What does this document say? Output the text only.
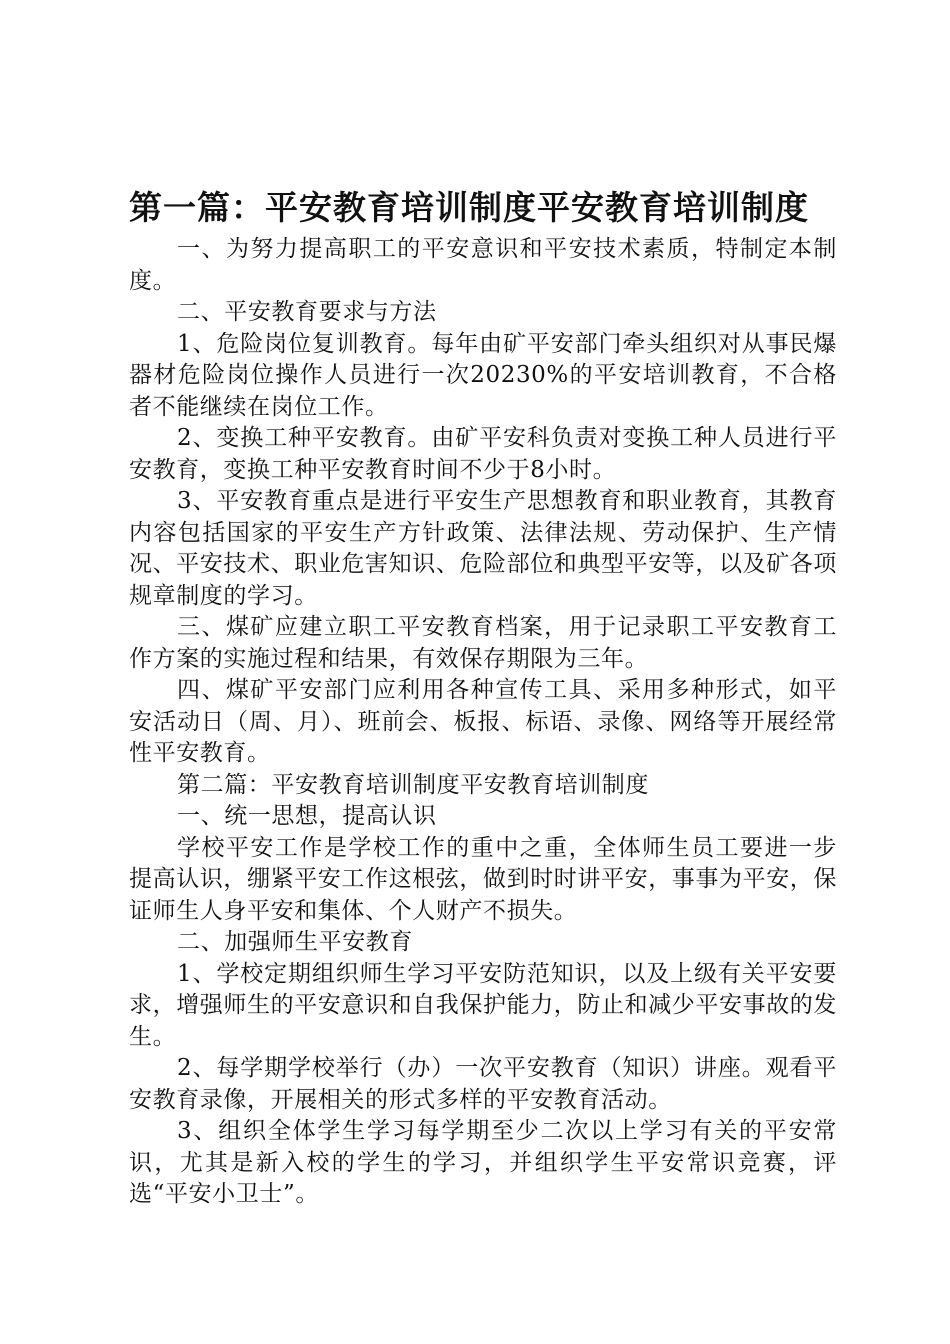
第一篇：平安教育培训制度平安教育培训制度

一、为努力提高职工的平安意识和平安技术素质，特制定本制度。

二、平安教育要求与方法

1、危险岗位复训教育。每年由矿平安部门牵头组织对从事民爆器材危险岗位操作人员进行一次20230%的平安培训教育，不合格者不能继续在岗位工作。

2、变换工种平安教育。由矿平安科负责对变换工种人员进行平安教育，变换工种平安教育时间不少于8小时。

3、平安教育重点是进行平安生产思想教育和职业教育，其教育内容包括国家的平安生产方针政策、法律法规、劳动保护、生产情况、平安技术、职业危害知识、危险部位和典型平安等，以及矿各项规章制度的学习。

三、煤矿应建立职工平安教育档案，用于记录职工平安教育工作方案的实施过程和结果，有效保存期限为三年。

四、煤矿平安部门应利用各种宣传工具、采用多种形式，如平安活动日（周、月）、班前会、板报、标语、录像、网络等开展经常性平安教育。

第二篇：平安教育培训制度平安教育培训制度

一、统一思想，提高认识

学校平安工作是学校工作的重中之重，全体师生员工要进一步提高认识，绷紧平安工作这根弦，做到时时讲平安，事事为平安，保证师生人身平安和集体、个人财产不损失。

二、加强师生平安教育

1、学校定期组织师生学习平安防范知识，以及上级有关平安要求，增强师生的平安意识和自我保护能力，防止和减少平安事故的发生。

2、每学期学校举行（办）一次平安教育（知识）讲座。观看平安教育录像，开展相关的形式多样的平安教育活动。

3、组织全体学生学习每学期至少二次以上学习有关的平安常识，尤其是新入校的学生的学习，并组织学生平安常识竞赛，评选“平安小卫士”。
